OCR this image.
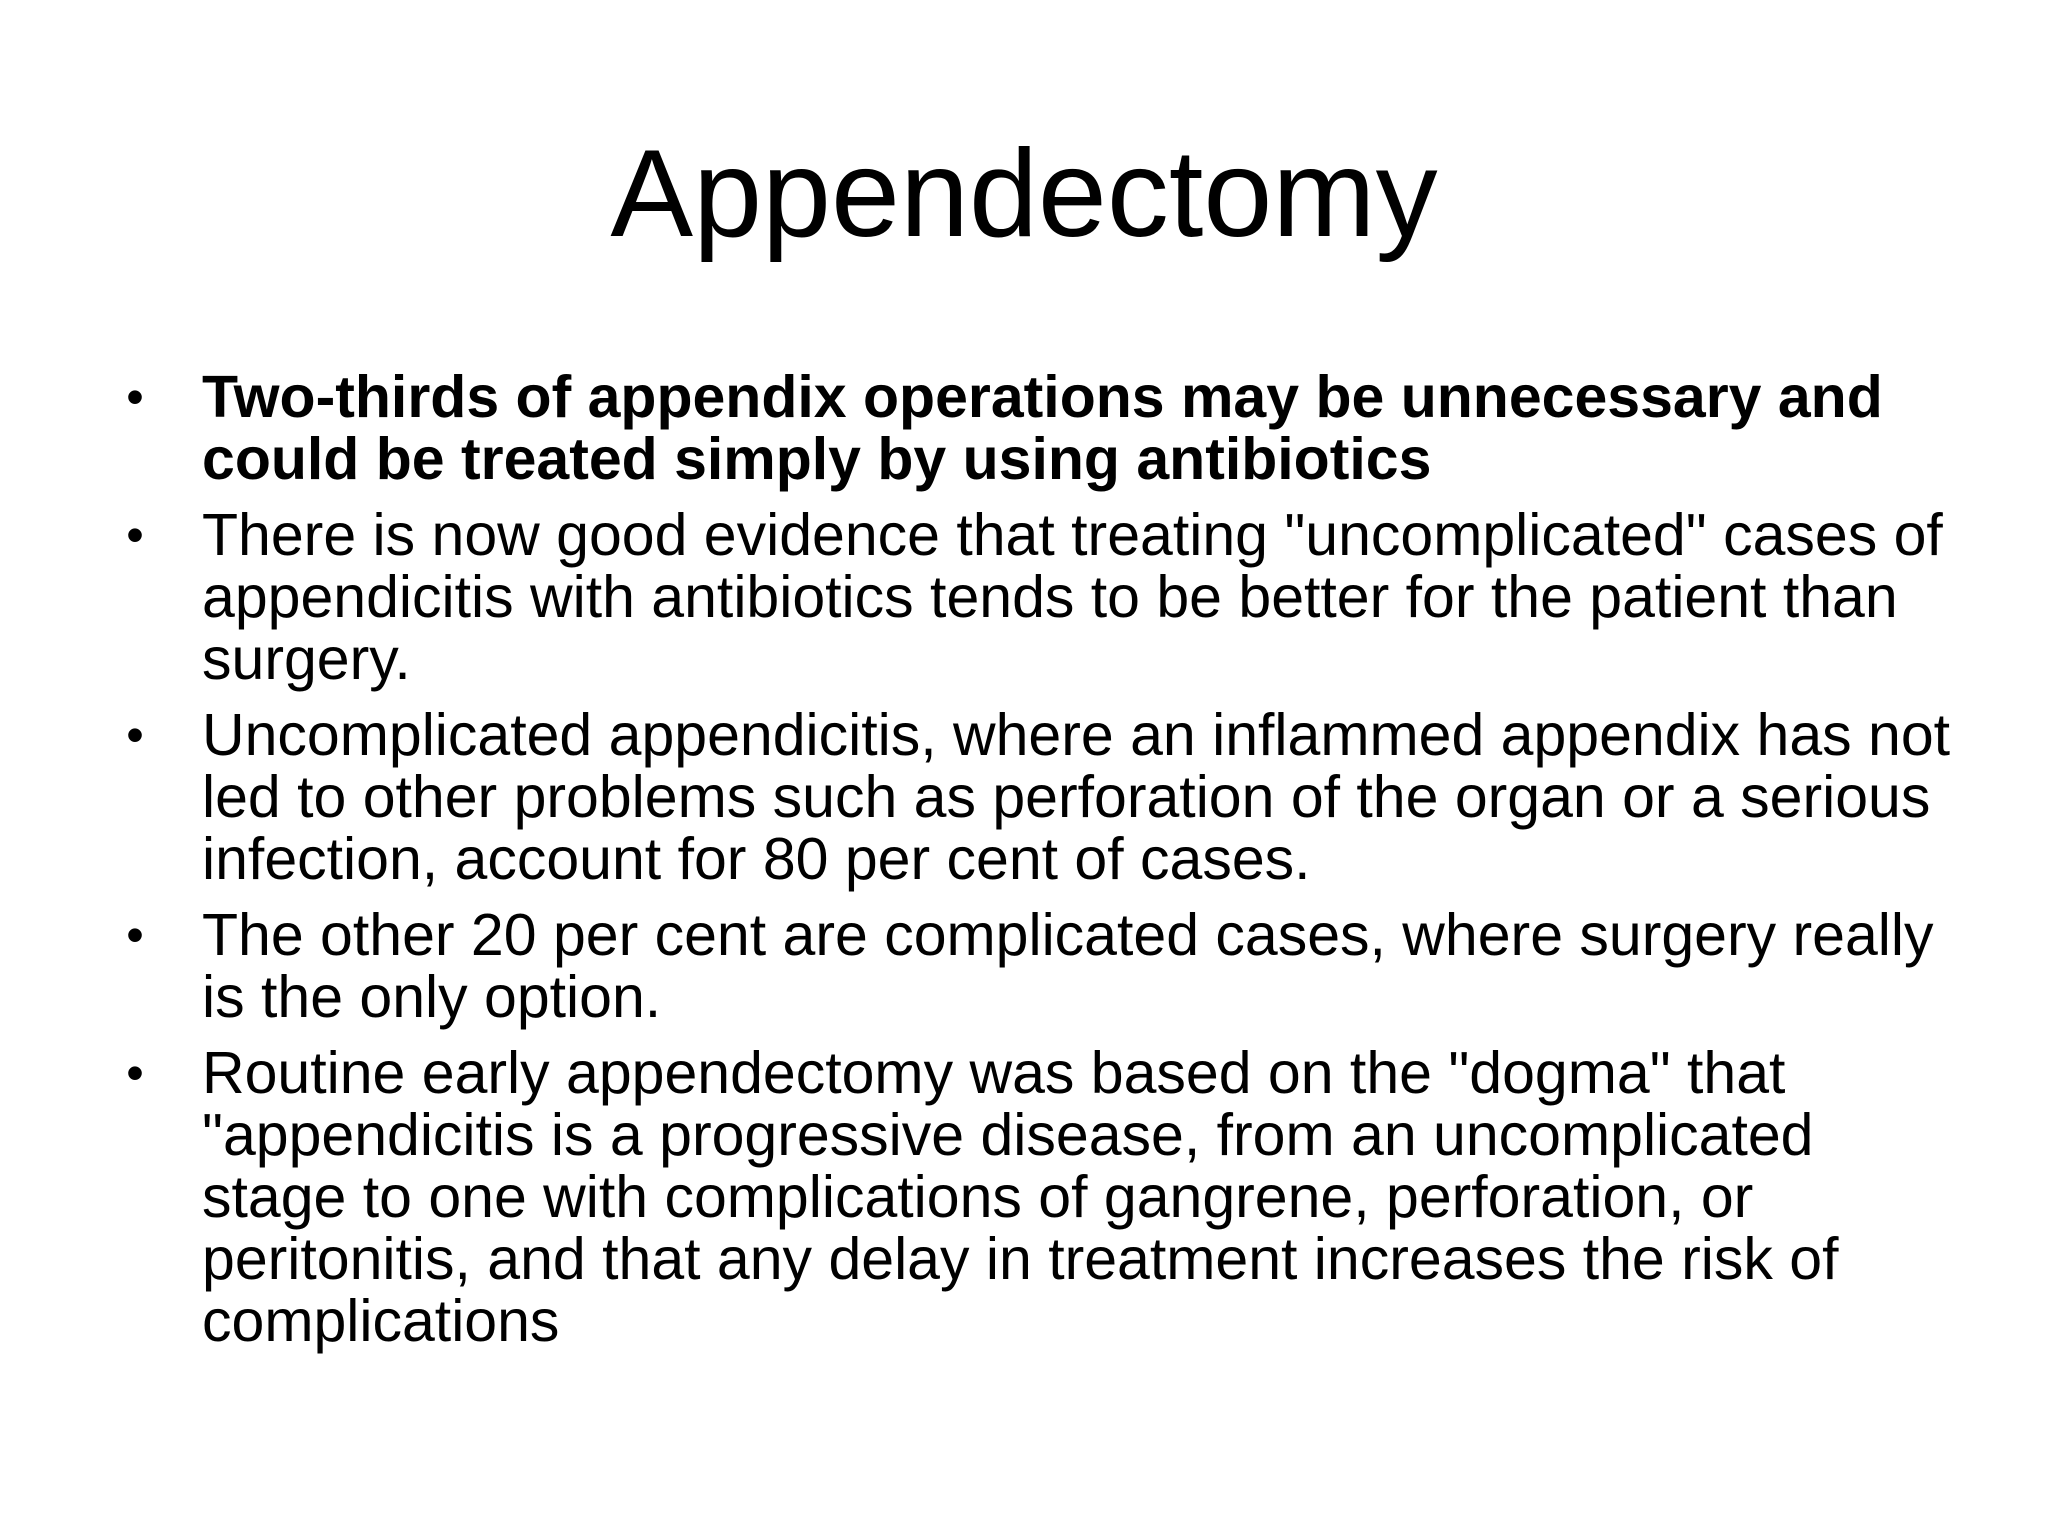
Appendectomy
• Two-thirds of appendix operations may be unnecessary and could be treated simply by using antibiotics
• There is now good evidence that treating "uncomplicated" cases of appendicitis with antibiotics tends to be better for the patient than surgery.
• Uncomplicated appendicitis, where an inflammed appendix has not led to other problems such as perforation of the organ or a serious infection, account for 80 per cent of cases.
• The other 20 per cent are complicated cases, where surgery really is the only option.
• Routine early appendectomy was based on the "dogma" that "appendicitis is a progressive disease, from an uncomplicated stage to one with complications of gangrene, perforation, or peritonitis, and that any delay in treatment increases the risk of complications
